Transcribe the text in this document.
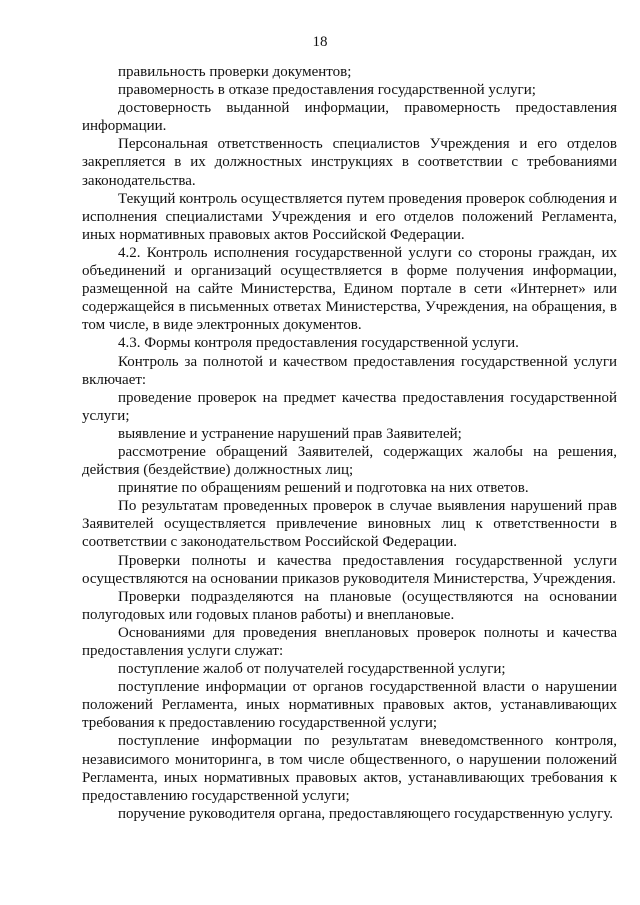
18

правильность проверки документов;

правомерность в отказе предоставления государственной услуги;

достоверность выданной информации, правомерность предоставления информации.

Персональная ответственность специалистов Учреждения и его отделов закрепляется в их должностных инструкциях в соответствии с требованиями законодательства.

Текущий контроль осуществляется путем проведения проверок соблюдения и исполнения специалистами Учреждения и его отделов положений Регламента, иных нормативных правовых актов Российской Федерации.

4.2. Контроль исполнения государственной услуги со стороны граждан, их объединений и организаций осуществляется в форме получения информации, размещенной на сайте Министерства, Едином портале в сети «Интернет» или содержащейся в письменных ответах Министерства, Учреждения, на обращения, в том числе, в виде электронных документов.

4.3. Формы контроля предоставления государственной услуги.

Контроль за полнотой и качеством предоставления государственной услуги включает:

проведение проверок на предмет качества предоставления государственной услуги;

выявление и устранение нарушений прав Заявителей;

рассмотрение обращений Заявителей, содержащих жалобы на решения, действия (бездействие) должностных лиц;

принятие по обращениям решений и подготовка на них ответов.

По результатам проведенных проверок в случае выявления нарушений прав Заявителей осуществляется привлечение виновных лиц к ответственности в соответствии с законодательством Российской Федерации.

Проверки полноты и качества предоставления государственной услуги осуществляются на основании приказов руководителя Министерства, Учреждения.

Проверки подразделяются на плановые (осуществляются на основании полугодовых или годовых планов работы) и внеплановые.

Основаниями для проведения внеплановых проверок полноты и качества предоставления услуги служат:

поступление жалоб от получателей государственной услуги;

поступление информации от органов государственной власти о нарушении положений Регламента, иных нормативных правовых актов, устанавливающих требования к предоставлению государственной услуги;

поступление информации по результатам вневедомственного контроля, независимого мониторинга, в том числе общественного, о нарушении положений Регламента, иных нормативных правовых актов, устанавливающих требования к предоставлению государственной услуги;

поручение руководителя органа, предоставляющего государственную услугу.
